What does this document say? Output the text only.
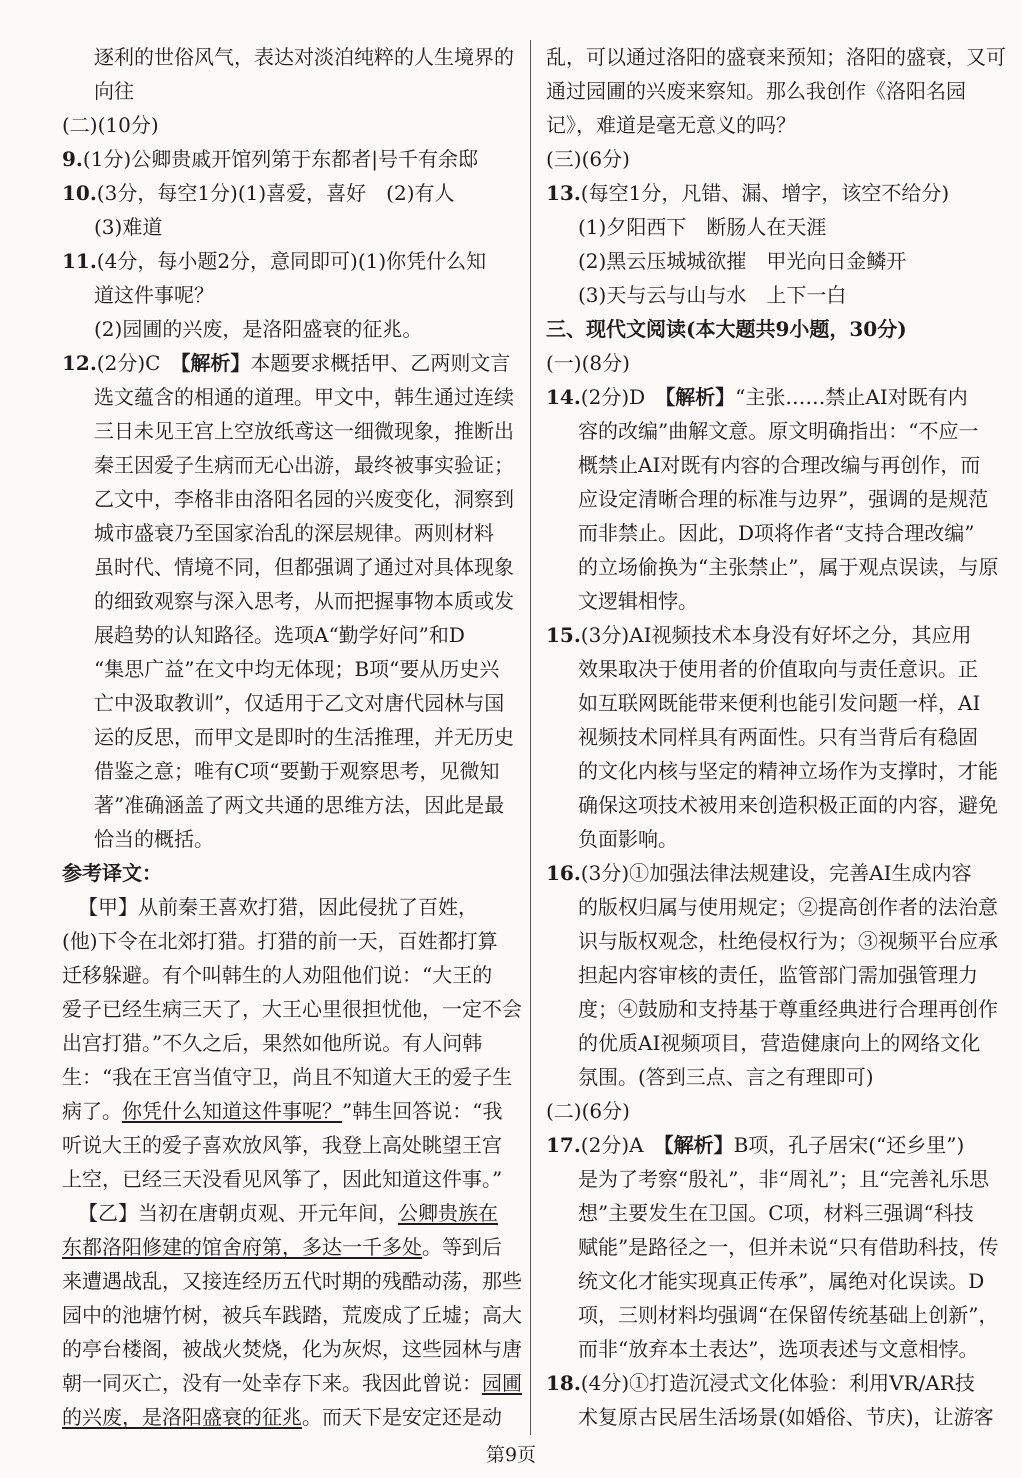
逐利的世俗风气，表达对淡泊纯粹的人生境界的
向往
(二)(10分)
9.(1分)公卿贵戚开馆列第于东都者|号千有余邸
10.(3分，每空1分)(1)喜爱，喜好　(2)有人
(3)难道
11.(4分，每小题2分，意同即可)(1)你凭什么知
道这件事呢？
(2)园圃的兴废，是洛阳盛衰的征兆。
12.(2分)C　【解析】本题要求概括甲、乙两则文言
选文蕴含的相通的道理。甲文中，韩生通过连续
三日未见王宫上空放纸鸢这一细微现象，推断出
秦王因爱子生病而无心出游，最终被事实验证；
乙文中，李格非由洛阳名园的兴废变化，洞察到
城市盛衰乃至国家治乱的深层规律。两则材料
虽时代、情境不同，但都强调了通过对具体现象
的细致观察与深入思考，从而把握事物本质或发
展趋势的认知路径。选项A“勤学好问”和D
“集思广益”在文中均无体现；B项“要从历史兴
亡中汲取教训”，仅适用于乙文对唐代园林与国
运的反思，而甲文是即时的生活推理，并无历史
借鉴之意；唯有C项“要勤于观察思考，见微知
著”准确涵盖了两文共通的思维方法，因此是最
恰当的概括。
参考译文：
【甲】从前秦王喜欢打猎，因此侵扰了百姓，
(他)下令在北郊打猎。打猎的前一天，百姓都打算
迁移躲避。有个叫韩生的人劝阻他们说：“大王的
爱子已经生病三天了，大王心里很担忧他，一定不会
出宫打猎。”不久之后，果然如他所说。有人问韩
生：“我在王宫当值守卫，尚且不知道大王的爱子生
病了。你凭什么知道这件事呢？”韩生回答说：“我
听说大王的爱子喜欢放风筝，我登上高处眺望王宫
上空，已经三天没看见风筝了，因此知道这件事。”
【乙】当初在唐朝贞观、开元年间，公卿贵族在
东都洛阳修建的馆舍府第，多达一千多处。等到后
来遭遇战乱，又接连经历五代时期的残酷动荡，那些
园中的池塘竹树，被兵车践踏，荒废成了丘墟；高大
的亭台楼阁，被战火焚烧，化为灰烬，这些园林与唐
朝一同灭亡，没有一处幸存下来。我因此曾说：园圃
的兴废，是洛阳盛衰的征兆。而天下是安定还是动
乱，可以通过洛阳的盛衰来预知；洛阳的盛衰，又可
通过园圃的兴废来察知。那么我创作《洛阳名园
记》，难道是毫无意义的吗？
(三)(6分)
13.(每空1分，凡错、漏、增字，该空不给分)
(1)夕阳西下　断肠人在天涯
(2)黑云压城城欲摧　甲光向日金鳞开
(3)天与云与山与水　上下一白
三、现代文阅读(本大题共9小题，30分)
(一)(8分)
14.(2分)D　【解析】“主张……禁止AI对既有内
容的改编”曲解文意。原文明确指出：“不应一
概禁止AI对既有内容的合理改编与再创作，而
应设定清晰合理的标准与边界”，强调的是规范
而非禁止。因此，D项将作者“支持合理改编”
的立场偷换为“主张禁止”，属于观点误读，与原
文逻辑相悖。
15.(3分)AI视频技术本身没有好坏之分，其应用
效果取决于使用者的价值取向与责任意识。正
如互联网既能带来便利也能引发问题一样，AI
视频技术同样具有两面性。只有当背后有稳固
的文化内核与坚定的精神立场作为支撑时，才能
确保这项技术被用来创造积极正面的内容，避免
负面影响。
16.(3分)①加强法律法规建设，完善AI生成内容
的版权归属与使用规定；②提高创作者的法治意
识与版权观念，杜绝侵权行为；③视频平台应承
担起内容审核的责任，监管部门需加强管理力
度；④鼓励和支持基于尊重经典进行合理再创作
的优质AI视频项目，营造健康向上的网络文化
氛围。(答到三点、言之有理即可)
(二)(6分)
17.(2分)A　【解析】B项，孔子居宋(“还乡里”)
是为了考察“殷礼”，非“周礼”；且“完善礼乐思
想”主要发生在卫国。C项，材料三强调“科技
赋能”是路径之一，但并未说“只有借助科技，传
统文化才能实现真正传承”，属绝对化误读。D
项，三则材料均强调“在保留传统基础上创新”，
而非“放弃本土表达”，选项表述与文意相悖。
18.(4分)①打造沉浸式文化体验：利用VR/AR技
术复原古民居生活场景(如婚俗、节庆)，让游客
第9页
